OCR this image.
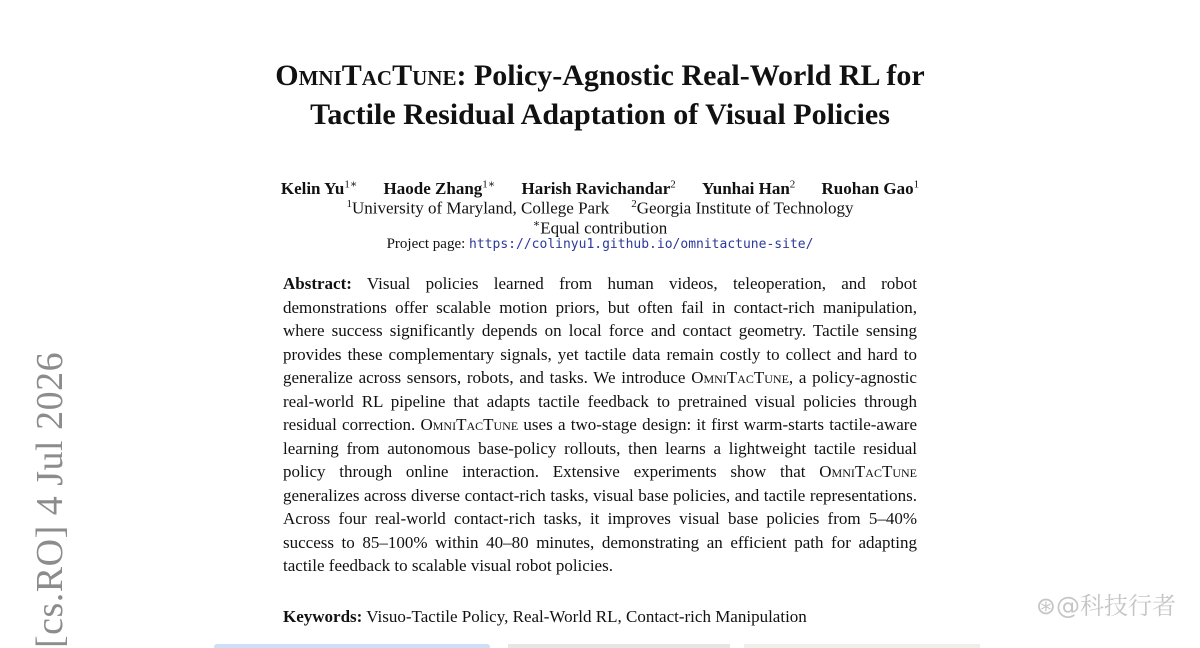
[cs.RO] 4 Jul 2026
OmniTacTune: Policy-Agnostic Real-World RL for
Tactile Residual Adaptation of Visual Policies
Kelin $Yu^{1∗}$ Haode Zhang$^{1∗}$ Harish Ravichandar$^2$ Yunhai Han$^2$ Ruohan Gao$^1$
$^1$University of Maryland, College Park $^2$Georgia Institute of Technology
∗Equal contribution
Project page: https://colinyu1.github.io/omnitactune-site/
Abstract: Visual policies learned from human videos, teleoperation, and robot demonstrations offer scalable motion priors, but often fail in contact-rich manipulation, where success significantly depends on local force and contact geometry. Tactile sensing provides these complementary signals, yet tactile data remain costly to collect and hard to generalize across sensors, robots, and tasks. We introduce OmniTacTune, a policy-agnostic real-world RL pipeline that adapts tactile feedback to pretrained visual policies through residual correction. OmniTacTune uses a two-stage design: it first warm-starts tactile-aware learning from autonomous base-policy rollouts, then learns a lightweight tactile residual policy through online interaction. Extensive experiments show that OmniTacTune generalizes across diverse contact-rich tasks, visual base policies, and tactile representations. Across four real-world contact-rich tasks, it improves visual base policies from 5–40% success to 85–100% within 40–80 minutes, demonstrating an efficient path for adapting tactile feedback to scalable visual robot policies.
Keywords: Visuo-Tactile Policy, Real-World RL, Contact-rich Manipulation	⊛@科技行者
